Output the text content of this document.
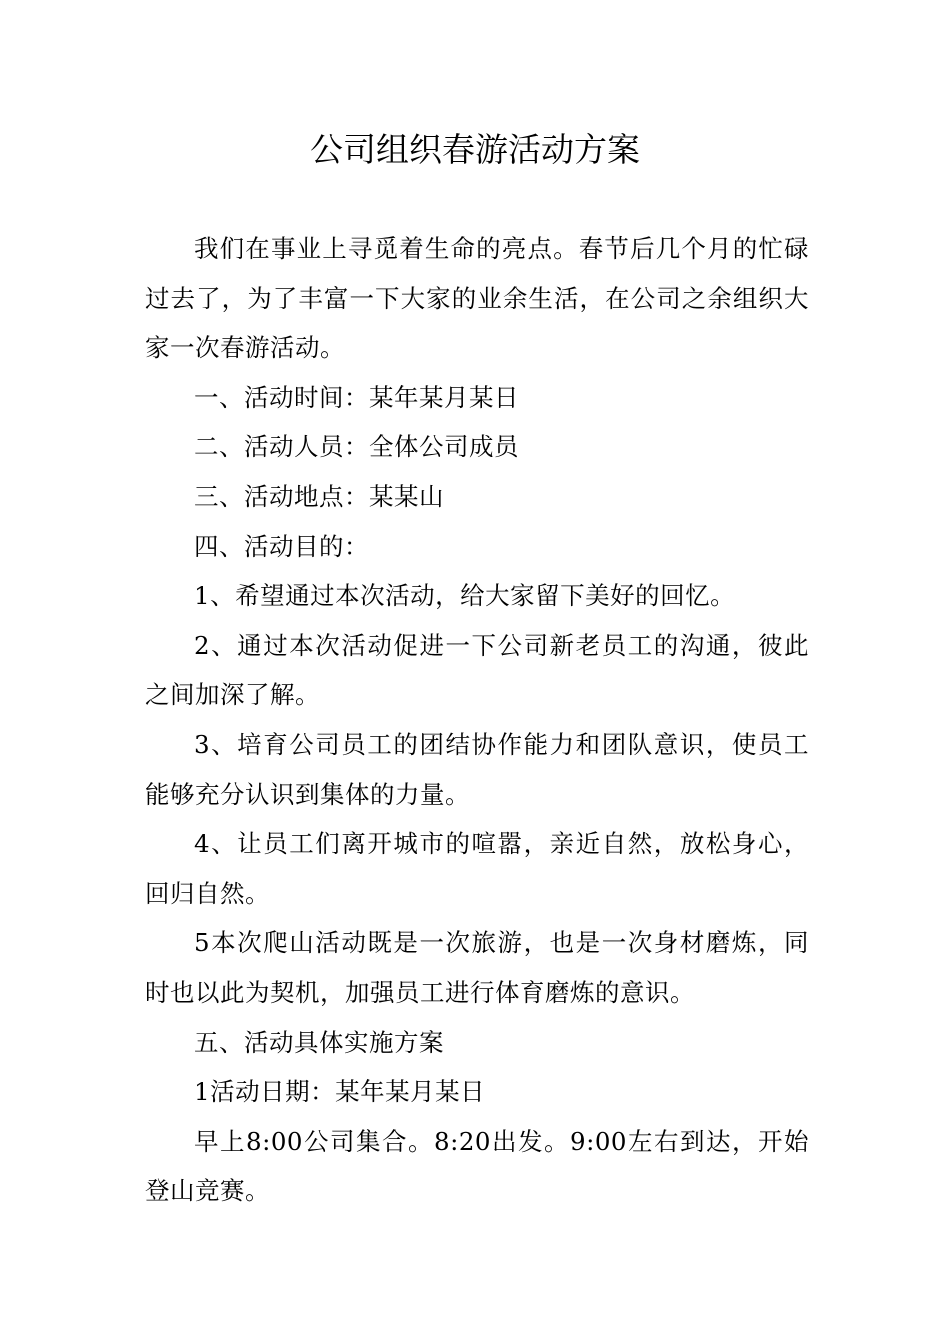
公司组织春游活动方案

我们在事业上寻觅着生命的亮点。春节后几个月的忙碌过去了，为了丰富一下大家的业余生活，在公司之余组织大家一次春游活动。

一、活动时间：某年某月某日

二、活动人员：全体公司成员

三、活动地点：某某山

四、活动目的：

1、希望通过本次活动，给大家留下美好的回忆。

2、通过本次活动促进一下公司新老员工的沟通，彼此之间加深了解。

3、培育公司员工的团结协作能力和团队意识，使员工能够充分认识到集体的力量。

4、让员工们离开城市的喧嚣，亲近自然，放松身心，回归自然。

5本次爬山活动既是一次旅游，也是一次身材磨炼，同时也以此为契机，加强员工进行体育磨炼的意识。

五、活动具体实施方案

1活动日期：某年某月某日

早上8:00公司集合。8:20出发。9:00左右到达，开始登山竞赛。
